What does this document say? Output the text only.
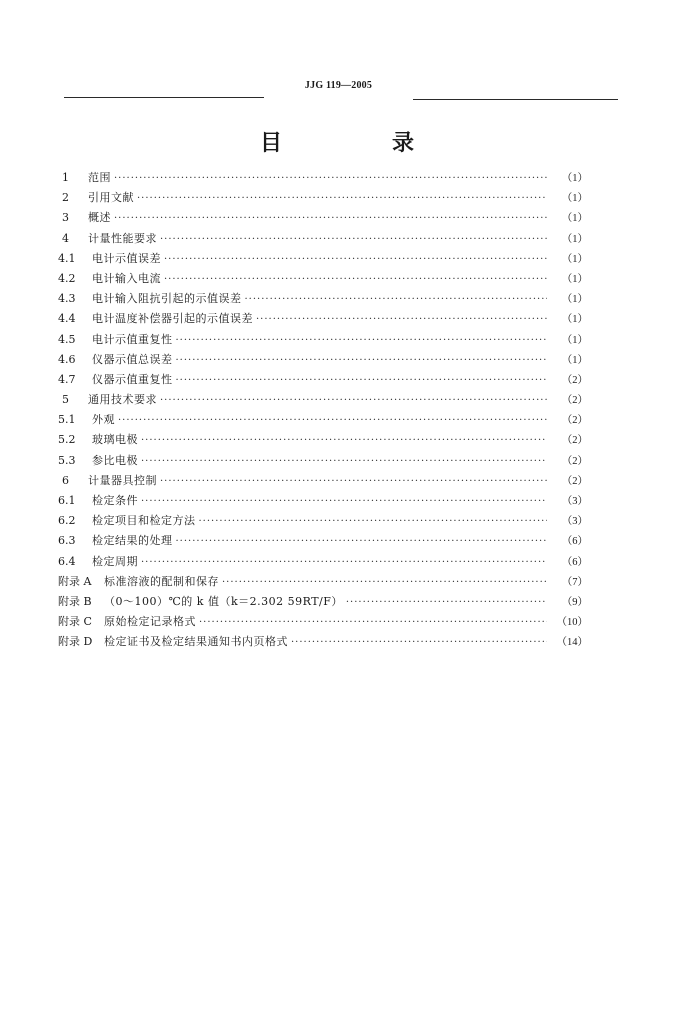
JJG 119—2005
目　录
1	范围 ·····	（1）
2	引用文献 ·····	（1）
3	概述 ·····	（1）
4	计量性能要求 ·····	（1）
4.1	电计示值误差 ·····	（1）
4.2	电计输入电流 ·····	（1）
4.3	电计输入阻抗引起的示值误差 ·····	（1）
4.4	电计温度补偿器引起的示值误差 ·····	（1）
4.5	电计示值重复性 ·····	（1）
4.6	仪器示值总误差 ·····	（1）
4.7	仪器示值重复性 ·····	（2）
5	通用技术要求 ·····	（2）
5.1	外观 ·····	（2）
5.2	玻璃电极 ·····	（2）
5.3	参比电极 ·····	（2）
6	计量器具控制 ·····	（2）
6.1	检定条件 ·····	（3）
6.2	检定项目和检定方法 ·····	（3）
6.3	检定结果的处理 ·····	（6）
6.4	检定周期 ·····	（6）
附录 A	标准溶液的配制和保存 ·····	（7）
附录 B	（0～100）℃的 k 值（k＝2.302 59RT/F） ·····	（9）
附录 C	原始检定记录格式 ·····	（10）
附录 D	检定证书及检定结果通知书内页格式 ·····	（14）
